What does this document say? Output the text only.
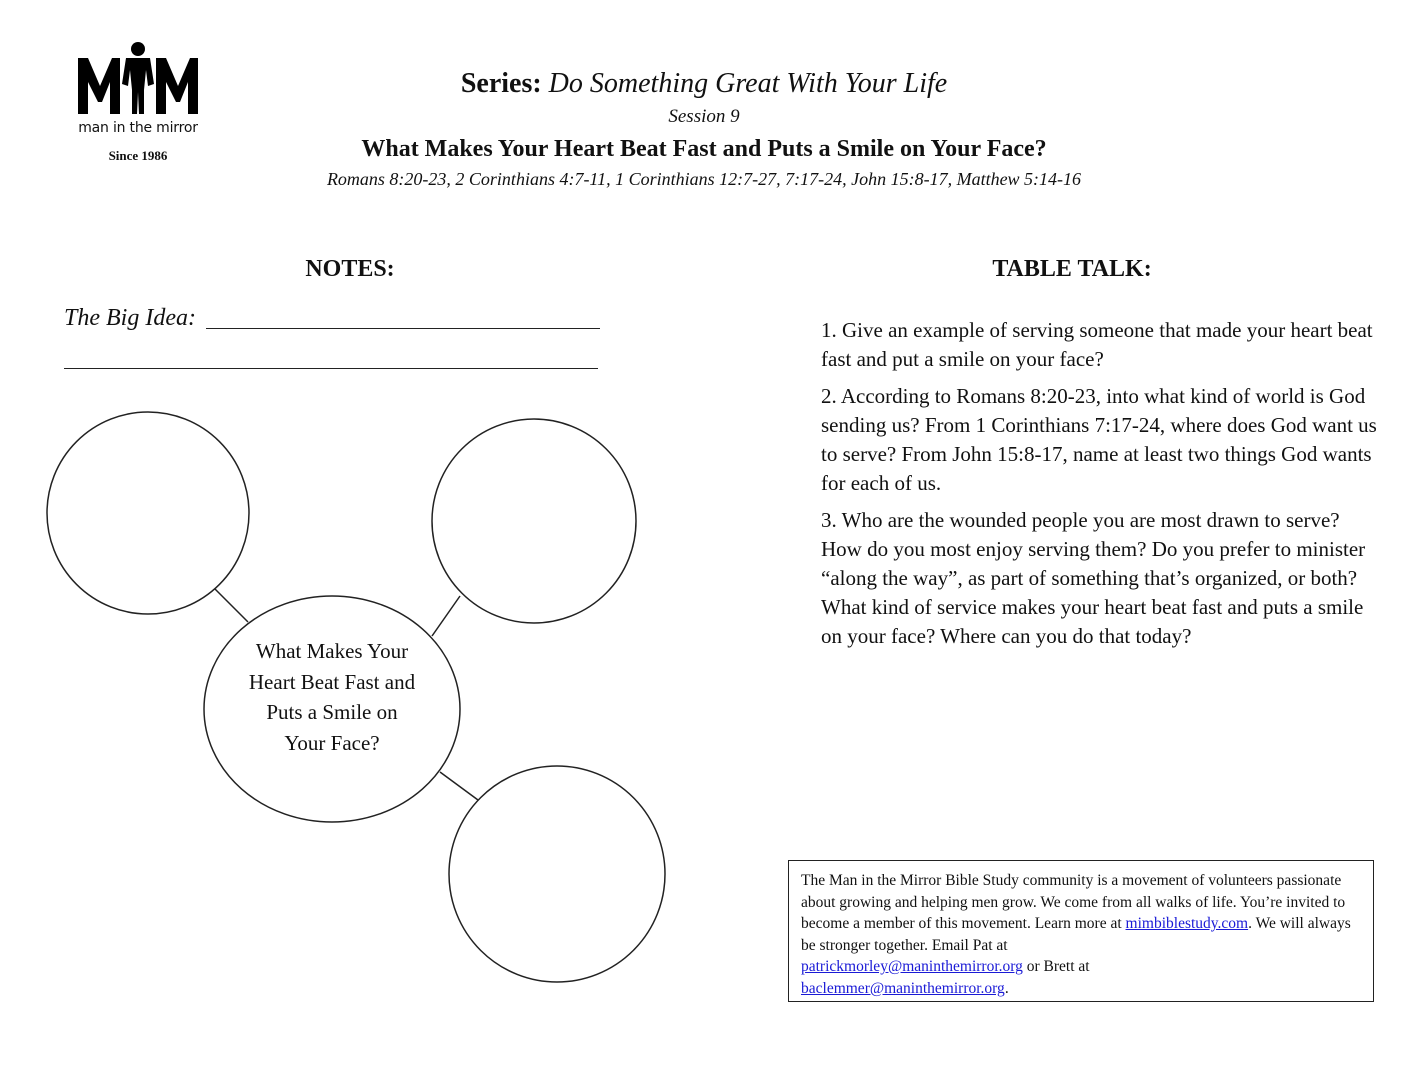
man in the mirror
Since 1986
Series: Do Something Great With Your Life
Session 9
What Makes Your Heart Beat Fast and Puts a Smile on Your Face?
Romans 8:20-23, 2 Corinthians 4:7-11, 1 Corinthians 12:7-27, 7:17-24, John 15:8-17, Matthew 5:14-16
NOTES:
The Big Idea:
What Makes Your Heart Beat Fast and Puts a Smile on Your Face?
TABLE TALK:

1. Give an example of serving someone that made your heart beat fast and put a smile on your face?

2. According to Romans 8:20-23, into what kind of world is God sending us? From 1 Corinthians 7:17-24, where does God want us to serve? From John 15:8-17, name at least two things God wants for each of us.

3. Who are the wounded people you are most drawn to serve? How do you most enjoy serving them? Do you prefer to minister “along the way”, as part of something that’s organized, or both? What kind of service makes your heart beat fast and puts a smile on your face? Where can you do that today?

The Man in the Mirror Bible Study community is a movement of volunteers passionate about growing and helping men grow. We come from all walks of life. You’re invited to become a member of this movement. Learn more at mimbiblestudy.com. We will always be stronger together. Email Pat at
patrickmorley@maninthemirror.org or Brett at
baclemmer@maninthemirror.org.
